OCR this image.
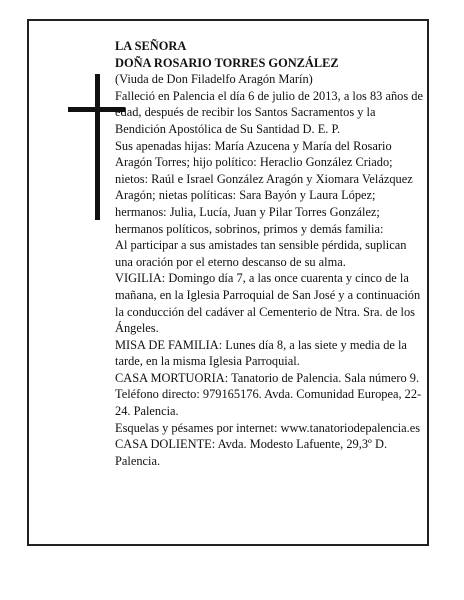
LA SEÑORA

DOÑA ROSARIO TORRES GONZÁLEZ

(Viuda de Don Filadelfo Aragón Marín)

Falleció en Palencia el día 6 de julio de 2013, a los 83 años de edad, después de recibir los Santos Sacramentos y la Bendición Apostólica de Su Santidad D. E. P.

Sus apenadas hijas: María Azucena y María del Rosario Aragón Torres; hijo político: Heraclio González Criado; nietos: Raúl e Israel González Aragón y Xiomara Velázquez Aragón; nietas políticas: Sara Bayón y Laura López; hermanos: Julia, Lucía, Juan y Pilar Torres González; hermanos políticos, sobrinos, primos y demás familia:

Al participar a sus amistades tan sensible pérdida, suplican una oración por el eterno descanso de su alma.

VIGILIA: Domingo día 7, a las once cuarenta y cinco de la mañana, en la Iglesia Parroquial de San José y a continuación la conducción del cadáver al Cementerio de Ntra. Sra. de los Ángeles.

MISA DE FAMILIA: Lunes día 8, a las siete y media de la tarde, en la misma Iglesia Parroquial.

CASA MORTUORIA: Tanatorio de Palencia. Sala número 9. Teléfono directo: 979165176. Avda. Comunidad Europea, 22-24. Palencia.

Esquelas y pésames por internet: www.tanatoriodepalencia.es

CASA DOLIENTE: Avda. Modesto Lafuente, 29,3º D. Palencia.
